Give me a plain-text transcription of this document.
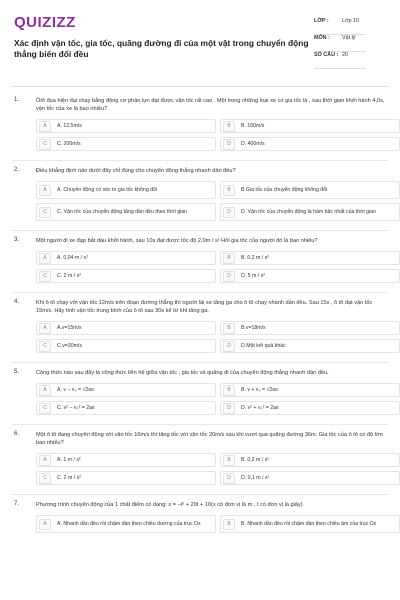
QUIZIZZ
Xác định vận tốc, gia tốc, quãng đường đi của một vật trong chuyển động thẳng biến đổi đều
LỚP :	Lớp 10
MÔN :	Vật lý
SỐ CÂU : 20
1.	Ôtô đua hiện đại chạy bằng động cơ phản lực đạt được vận tốc rất cao . Một trong những loại xe có gia tốc là , sau thời gian khởi hành 4,0s, vận tốc của xe là bao nhiêu?
A	A. 12,5m/s	B	B. 100m/s
C	C. 200m/s	D	D. 400m/s
2.	Điều khẳng định nào dưới đây chỉ đúng cho chuyển động thẳng nhanh dần đều?
A	A. Chuyển động có véc to gia tốc không đổi	B	B.Gia tốc của chuyển động không đổi
C	C. Vận tốc của chuyển động tăng dần đều theo thời gian	D	D. Vận tốc của chuyển động là hàm bậc nhất của thời gian
3.	Một người đi xe đạp bắt đầu khởi hành, sau 10s đạt được tốc độ 2,0m / s² Hỏi gia tốc của người đó là bao nhiêu?
A	A. 0,04 m / s²	B	B. 0,2 m / s²
C	C. 2 m / s²	D	D. 5 m / s²
4.	Khi ô tô chạy với vận tốc 12m/s trên đoạn đường thẳng thì người lái xe tăng ga cho ô tô chạy nhanh dần đều. Sau 15s , ô tô đạt vận tốc 15m/s. Hãy tính vận tốc trung bình của ô tô sau 30s kể từ khi tăng ga.
A	A.v=15m/s	B	B.v=18m/s
C	C.v=30m/s	D	D.Một kết quả khác
5.	Công thức nào sau đây là công thức liên hệ giữa vận tốc , gia tốc và quãng đi của chuyển động thẳng nhanh dần đều.
A	A. v − v₀ = √2as	B	B. v + v₀ = √2as
C	C. v² − v₀² = 2as	D	D. v² + v₀² = 2as
6.	Một ô tô đang chuyển động với vận tốc 16m/s thì tăng tốc với vận tốc 20m/s sau khi vượt qua quãng đường 36m. Gia tốc của ô tô có độ lớn bao nhiêu?
A	A. 1 m / s²	B	B. 0,2 m / s²
C	C. 2 m / s²	D	D. 0,1 m / s²
7.	Phương trình chuyển động của 1 chất điểm có dạng: x = −t² + 20t + 10(x có đơn vị là m , t có đơn vị là giây)
A	A. Nhanh dần đều rồi chậm dần theo chiều dương của trục Ox	B	B. Nhanh dần đều rồi chậm dần theo chiều âm của trục Ox
